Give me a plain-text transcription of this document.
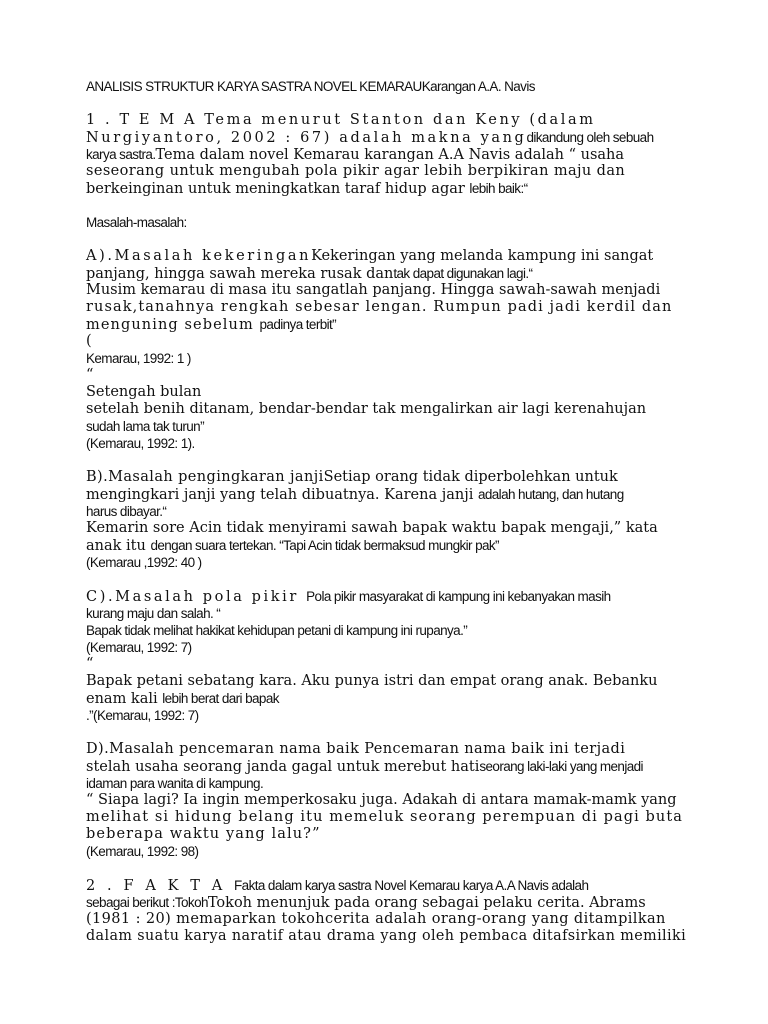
ANALISIS STRUKTUR KARYA SASTRA NOVEL KEMARAUKarangan A.A. Navis
1 . T E M A Tema menurut Stanton dan Keny (dalam
Nurgiyantoro, 2002 : 67) adalah makna yangdikandung oleh sebuah
karya sastra.Tema dalam novel Kemarau karangan A.A Navis adalah “ usaha
seseorang untuk mengubah pola pikir agar lebih berpikiran maju dan
berkeinginan untuk meningkatkan taraf hidup agar lebih baik:“
Masalah-masalah:
A).Masalah kekeringanKekeringan yang melanda kampung ini sangat
panjang, hingga sawah mereka rusak dantak dapat digunakan lagi.“
Musim kemarau di masa itu sangatlah panjang. Hingga sawah-sawah menjadi
rusak,tanahnya rengkah sebesar lengan. Rumpun padi jadi kerdil dan
menguning sebelum padinya terbit”
(
Kemarau, 1992: 1 )
“
Setengah bulan
setelah benih ditanam, bendar-bendar tak mengalirkan air lagi kerenahujan
sudah lama tak turun”
(Kemarau, 1992: 1).
B).Masalah pengingkaran janjiSetiap orang tidak diperbolehkan untuk
mengingkari janji yang telah dibuatnya. Karena janji adalah hutang, dan hutang
harus dibayar.“
Kemarin sore Acin tidak menyirami sawah bapak waktu bapak mengaji,” kata
anak itu dengan suara tertekan. “Tapi Acin tidak bermaksud mungkir pak”
(Kemarau ,1992: 40 )
C).Masalah pola pikir Pola pikir masyarakat di kampung ini kebanyakan masih
kurang maju dan salah. “
Bapak tidak melihat hakikat kehidupan petani di kampung ini rupanya.”
(Kemarau, 1992: 7)
“
Bapak petani sebatang kara. Aku punya istri dan empat orang anak. Bebanku
enam kali lebih berat dari bapak
.”(Kemarau, 1992: 7)
D).Masalah pencemaran nama baik Pencemaran nama baik ini terjadi
stelah usaha seorang janda gagal untuk merebut hatiseorang laki-laki yang menjadi
idaman para wanita di kampung.
“ Siapa lagi? Ia ingin memperkosaku juga. Adakah di antara mamak-mamk yang
melihat si hidung belang itu memeluk seorang perempuan di pagi buta
beberapa waktu yang lalu?”
(Kemarau, 1992: 98)
2 . F A K T A Fakta dalam karya sastra Novel Kemarau karya A.A Navis adalah
sebagai berikut :TokohTokoh menunjuk pada orang sebagai pelaku cerita. Abrams
(1981 : 20) memaparkan tokohcerita adalah orang-orang yang ditampilkan
dalam suatu karya naratif atau drama yang oleh pembaca ditafsirkan memiliki
